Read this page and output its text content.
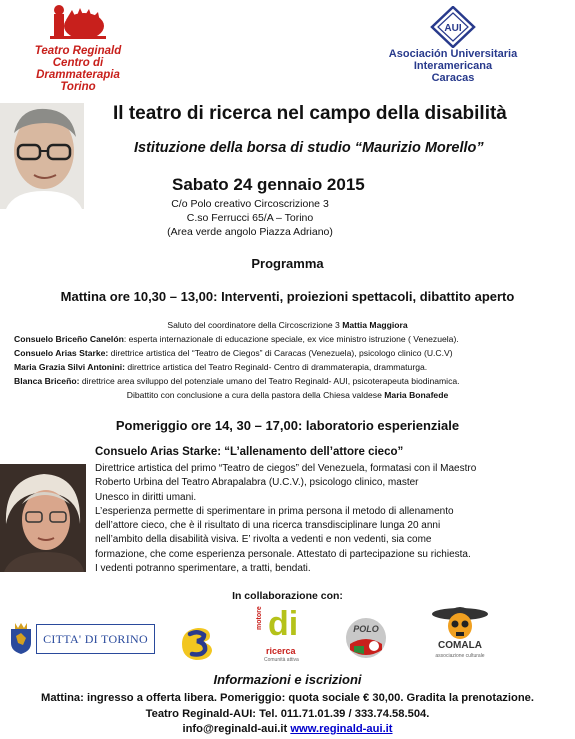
Teatro Reginald
Centro di Drammaterapia
Torino
AUI
Asociación Universitaria
Interamericana
Caracas
Il teatro di ricerca nel campo della disabilità
Istituzione della borsa di studio “Maurizio Morello”
Sabato 24 gennaio 2015
C/o Polo creativo Circoscrizione 3
C.so Ferrucci 65/A – Torino
(Area verde angolo Piazza Adriano)
Programma
Mattina ore 10,30 – 13,00: Interventi, proiezioni spettacoli, dibattito aperto
Saluto del coordinatore della Circoscrizione 3 Mattia Maggiora
Consuelo Briceño Canelón: esperta internazionale di educazione speciale, ex vice ministro istruzione ( Venezuela).
Consuelo Arias Starke: direttrice artistica del “Teatro de Ciegos” di Caracas (Venezuela), psicologo clinico (U.C.V)
Maria Grazia Silvi Antonini: direttrice artistica del Teatro Reginald- Centro di drammaterapia, drammaturga.
Blanca Briceño: direttrice area sviluppo del potenziale umano del Teatro Reginald- AUI, psicoterapeuta biodinamica.
Dibattito con conclusione a cura della pastora della Chiesa valdese Maria Bonafede
Pomeriggio ore 14, 30 – 17,00: laboratorio esperienziale
Consuelo Arias Starke: “L’allenamento dell’attore cieco”
Direttrice artistica del primo “Teatro de ciegos” del Venezuela, formatasi con il Maestro
Roberto Urbina del Teatro Abrapalabra (U.C.V.), psicologo clinico, master
Unesco in diritti umani.
L’esperienza permette di sperimentare in prima persona il metodo di allenamento
dell’attore cieco, che è il risultato di una ricerca transdisciplinare lunga 20 anni
nell’ambito della disabilità visiva. E’ rivolta a vedenti e non vedenti, sia come
formazione, che come esperienza personale. Attestato di partecipazione su richiesta.
I vedenti potranno sperimentare, a tratti, bendati.
In collaborazione con:
CITTA' DI TORINO
motore di
ricerca
Comunità attiva
POLO
COMALA
associazione culturale
Informazioni e iscrizioni
Mattina: ingresso a offerta libera. Pomeriggio: quota sociale € 30,00. Gradita la prenotazione.
Teatro Reginald-AUI: Tel. 011.71.01.39 / 333.74.58.504.
info@reginald-aui.it www.reginald-aui.it
